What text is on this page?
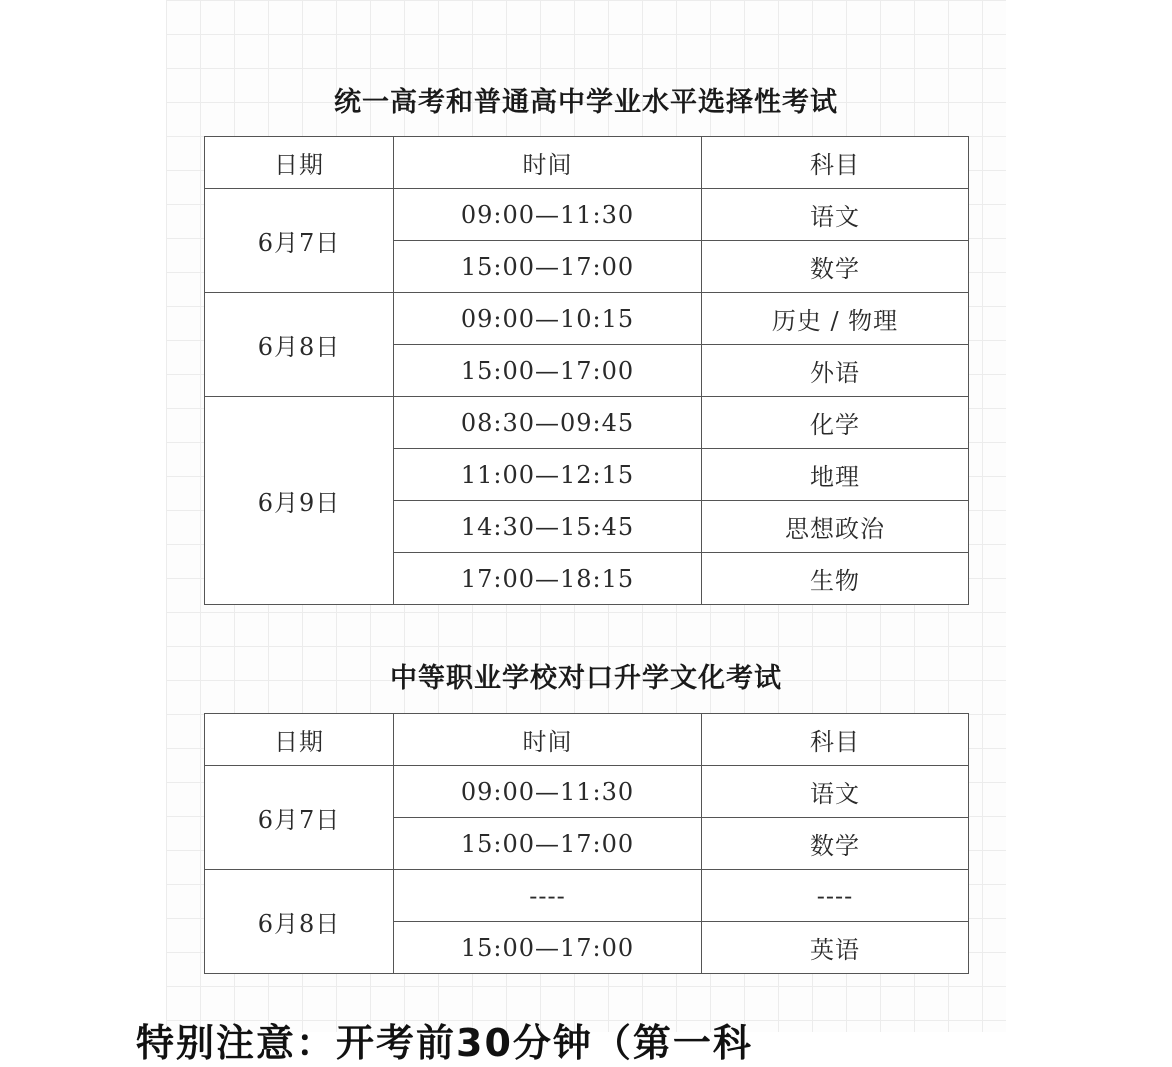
统一高考和普通高中学业水平选择性考试
日期	时间	科目
6月7日	09:00—11:30	语文
	15:00—17:00	数学
6月8日	09:00—10:15	历史 / 物理
	15:00—17:00	外语
6月9日	08:30—09:45	化学
	11:00—12:15	地理
	14:30—15:45	思想政治
	17:00—18:15	生物
中等职业学校对口升学文化考试
日期	时间	科目
6月7日	09:00—11:30	语文
	15:00—17:00	数学
6月8日	----	----
	15:00—17:00	英语
特别注意：开考前30分钟（第一科
